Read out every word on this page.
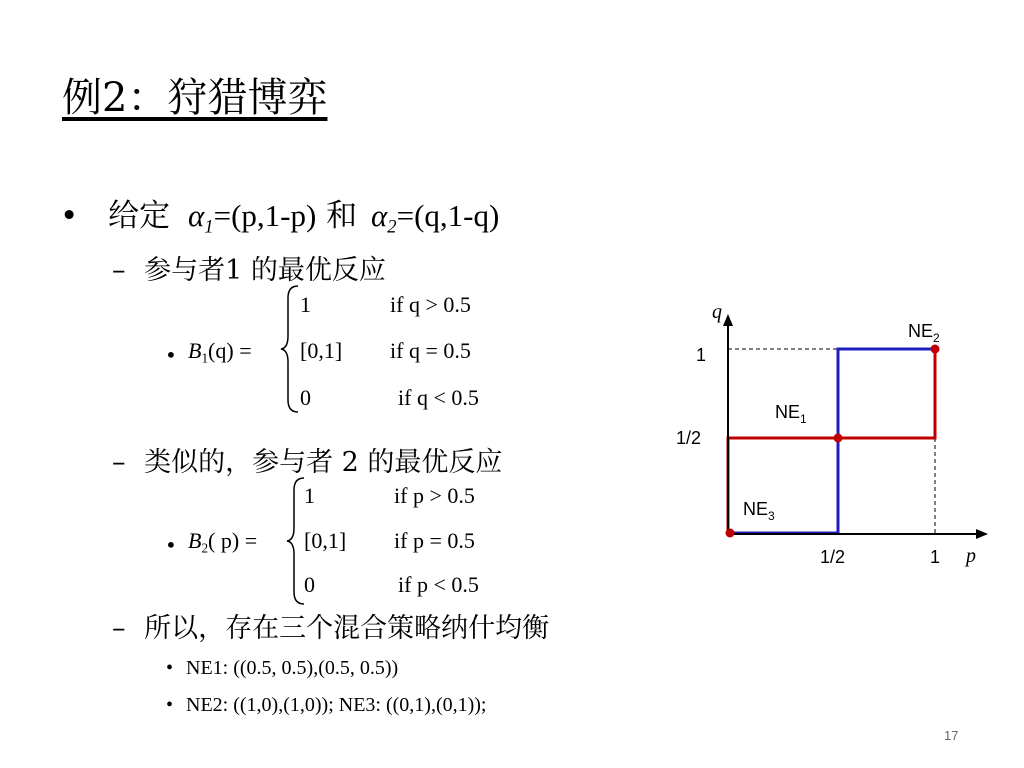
例2：狩猎博弈
• 给定 $\alpha_1=(p,1-p)$ 和 $\alpha_2=(q,1-q)$
– 参与者1 的最优反应
• $B_1(q)$ =
1	if q > 0.5
[0,1] if q = 0.5
0	if q < 0.5
– 类似的，参与者 2 的最优反应
• $B_2$( p) =
1	if p > 0.5
[0,1] if p = 0.5
0	if p < 0.5
– 所以，存在三个混合策略纳什均衡
• NE1: ((0.5, 0.5),(0.5, 0.5))
• NE2: ((1,0),(1,0)); NE3: ((0,1),(0,1));
q
p
1
1/2
1/2	1
$NE_2$
$NE_1$
$NE_3$
17
